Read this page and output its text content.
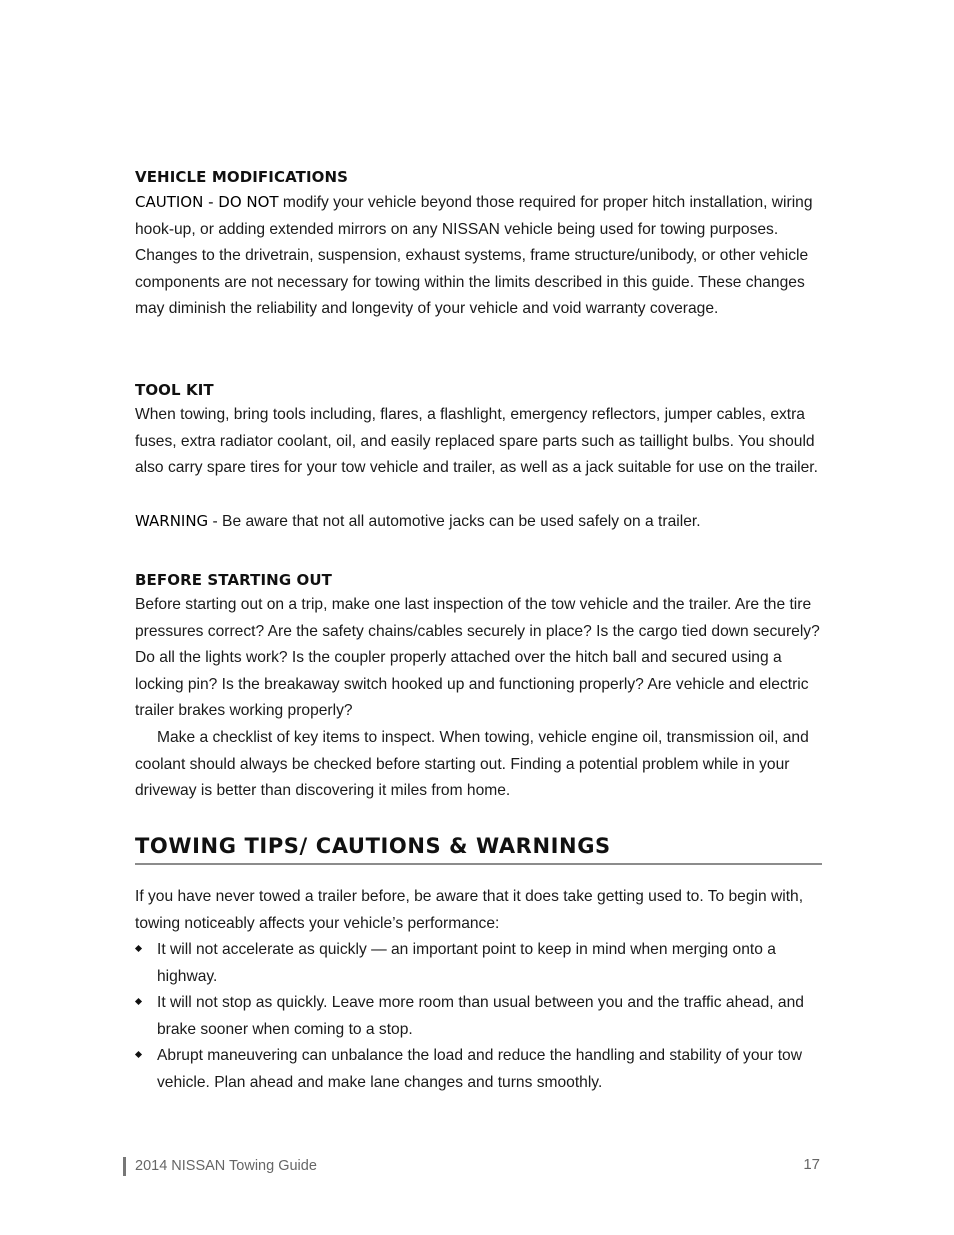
VEHICLE MODIFICATIONS

CAUTION - DO NOT modify your vehicle beyond those required for proper hitch installation, wiring hook-up, or adding extended mirrors on any NISSAN vehicle being used for towing purposes. Changes to the drivetrain, suspension, exhaust systems, frame structure/unibody, or other vehicle components are not necessary for towing within the limits described in this guide. These changes may diminish the reliability and longevity of your vehicle and void warranty coverage.

TOOL KIT

When towing, bring tools including, flares, a flashlight, emergency reflectors, jumper cables, extra fuses, extra radiator coolant, oil, and easily replaced spare parts such as taillight bulbs. You should also carry spare tires for your tow vehicle and trailer, as well as a jack suitable for use on the trailer.

WARNING - Be aware that not all automotive jacks can be used safely on a trailer.

BEFORE STARTING OUT

Before starting out on a trip, make one last inspection of the tow vehicle and the trailer. Are the tire pressures correct? Are the safety chains/cables securely in place? Is the cargo tied down securely? Do all the lights work? Is the coupler properly attached over the hitch ball and secured using a locking pin? Is the breakaway switch hooked up and functioning properly? Are vehicle and electric trailer brakes working properly?

Make a checklist of key items to inspect. When towing, vehicle engine oil, transmission oil, and coolant should always be checked before starting out. Finding a potential problem while in your driveway is better than discovering it miles from home.

TOWING TIPS/ CAUTIONS & WARNINGS

If you have never towed a trailer before, be aware that it does take getting used to. To begin with, towing noticeably affects your vehicle’s performance:

It will not accelerate as quickly — an important point to keep in mind when merging onto a highway.
It will not stop as quickly. Leave more room than usual between you and the traffic ahead, and brake sooner when coming to a stop.
Abrupt maneuvering can unbalance the load and reduce the handling and stability of your tow vehicle. Plan ahead and make lane changes and turns smoothly.
2014 NISSAN Towing Guide	17
